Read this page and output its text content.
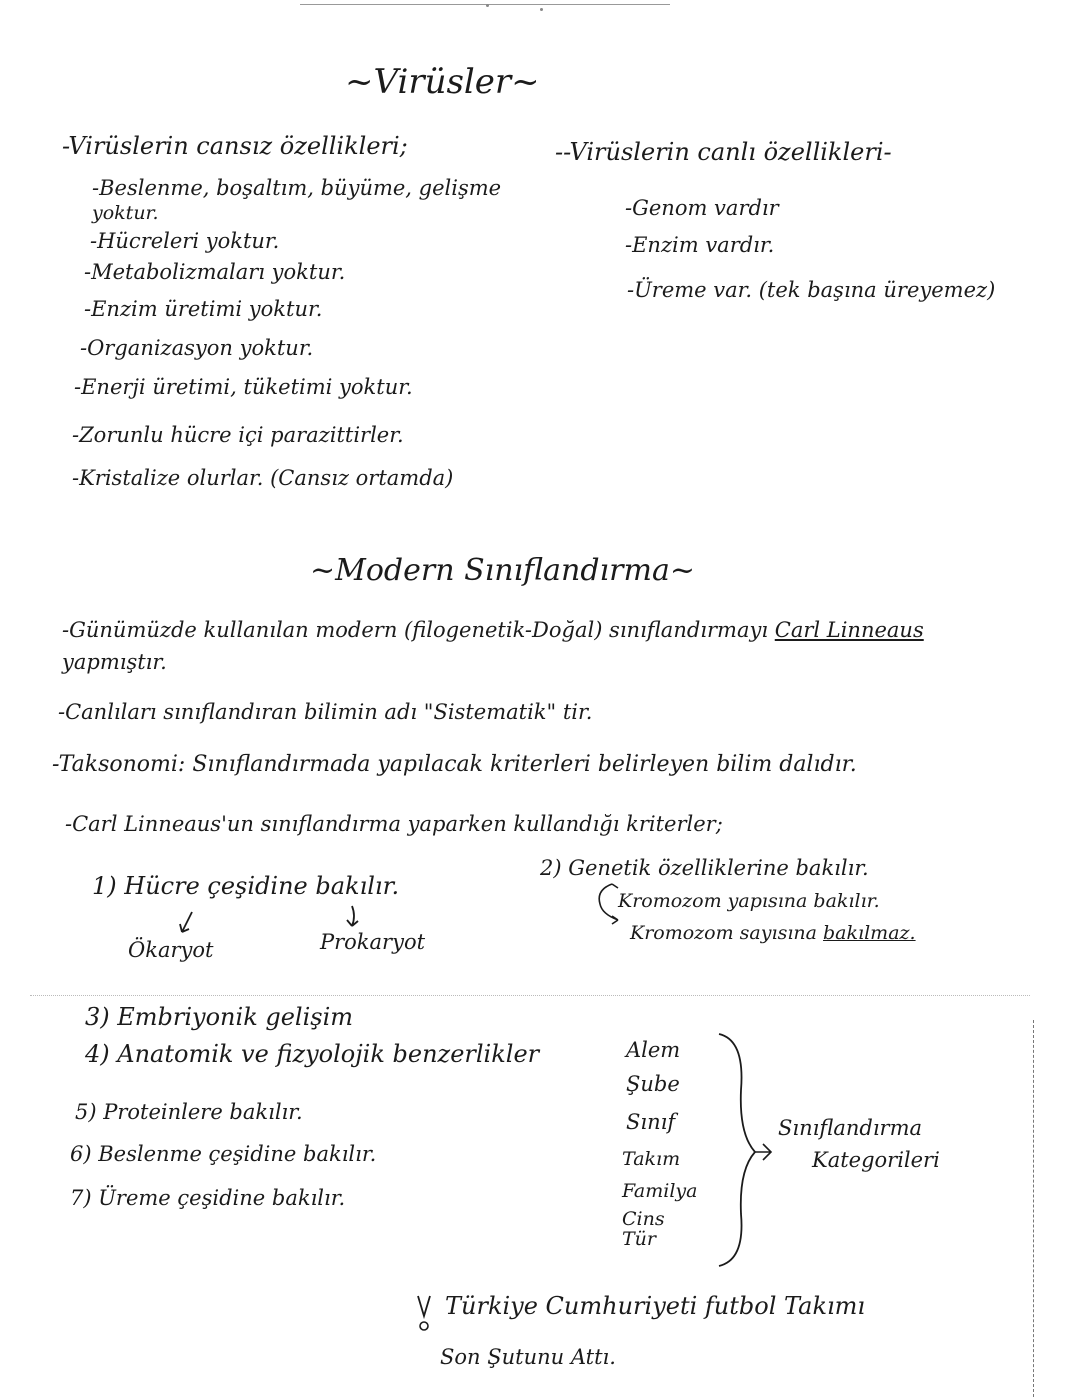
~Virüsler~
-Virüslerin cansız özellikleri;
-Beslenme, boşaltım, büyüme, gelişme
yoktur.
-Hücreleri yoktur.
-Metabolizmaları yoktur.
-Enzim üretimi yoktur.
-Organizasyon yoktur.
-Enerji üretimi, tüketimi yoktur.
-Zorunlu hücre içi parazittirler.
-Kristalize olurlar. (Cansız ortamda)
--Virüslerin canlı özellikleri-
-Genom vardır
-Enzim vardır.
-Üreme var. (tek başına üreyemez)
~Modern Sınıflandırma~
-Günümüzde kullanılan modern (filogenetik-Doğal) sınıflandırmayı Carl Linneaus
yapmıştır.
-Canlıları sınıflandıran bilimin adı "Sistematik" tir.
-Taksonomi: Sınıflandırmada yapılacak kriterleri belirleyen bilim dalıdır.
-Carl Linneaus'un sınıflandırma yaparken kullandığı kriterler;
1) Hücre çeşidine bakılır.
Ökaryot	Prokaryot
2) Genetik özelliklerine bakılır.
Kromozom yapısına bakılır.
Kromozom sayısına bakılmaz.
3) Embriyonik gelişim
4) Anatomik ve fizyolojik benzerlikler
5) Proteinlere bakılır.
6) Beslenme çeşidine bakılır.
7) Üreme çeşidine bakılır.
Alem
Şube
Sınıf
Takım
Familya
Cins
Tür
Sınıflandırma
Kategorileri
Türkiye Cumhuriyeti futbol Takımı
Son Şutunu Attı.
